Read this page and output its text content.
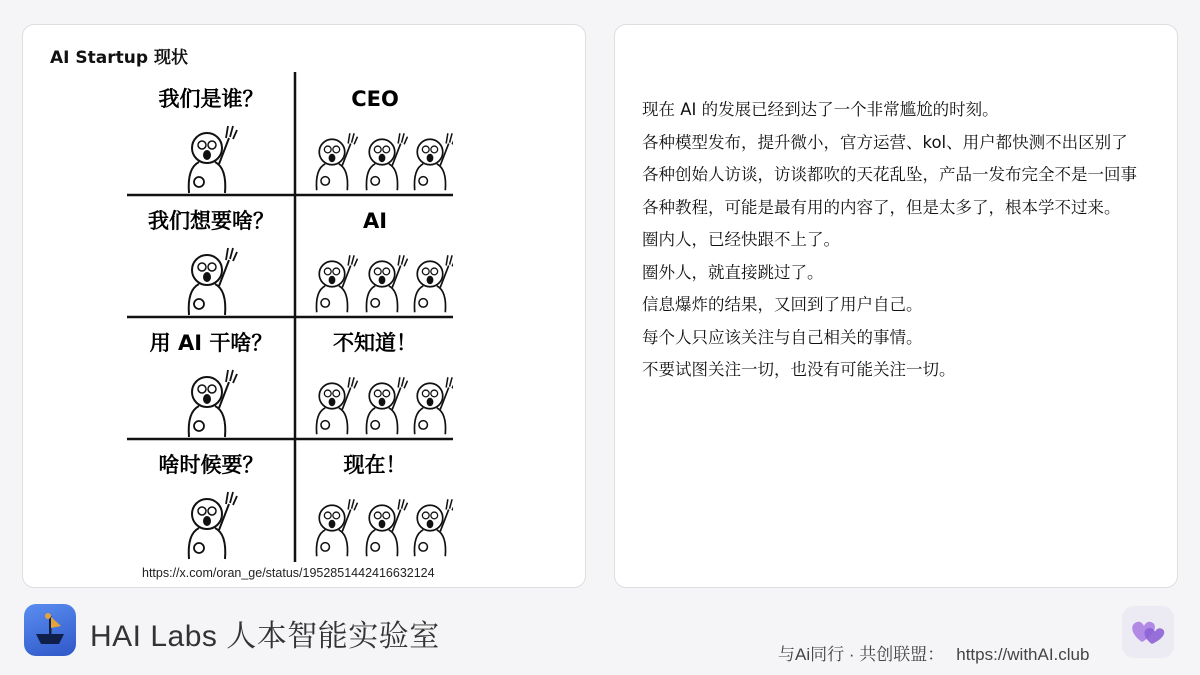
AI Startup 现状
我们是谁？	CEO
我们想要啥？	AI
用 AI 干啥？	不知道！
啥时候要？	现在！
https://x.com/oran_ge/status/1952851442416632124

现在 AI 的发展已经到达了一个非常尴尬的时刻。

各种模型发布，提升微小，官方运营、kol、用户都快测不出区别了

各种创始人访谈，访谈都吹的天花乱坠，产品一发布完全不是一回事

各种教程，可能是最有用的内容了，但是太多了，根本学不过来。

圈内人，已经快跟不上了。

圈外人，就直接跳过了。

信息爆炸的结果，又回到了用户自己。

每个人只应该关注与自己相关的事情。

不要试图关注一切，也没有可能关注一切。

HAI Labs 人本智能实验室
与Ai同行 · 共创联盟： https://withAI.club
